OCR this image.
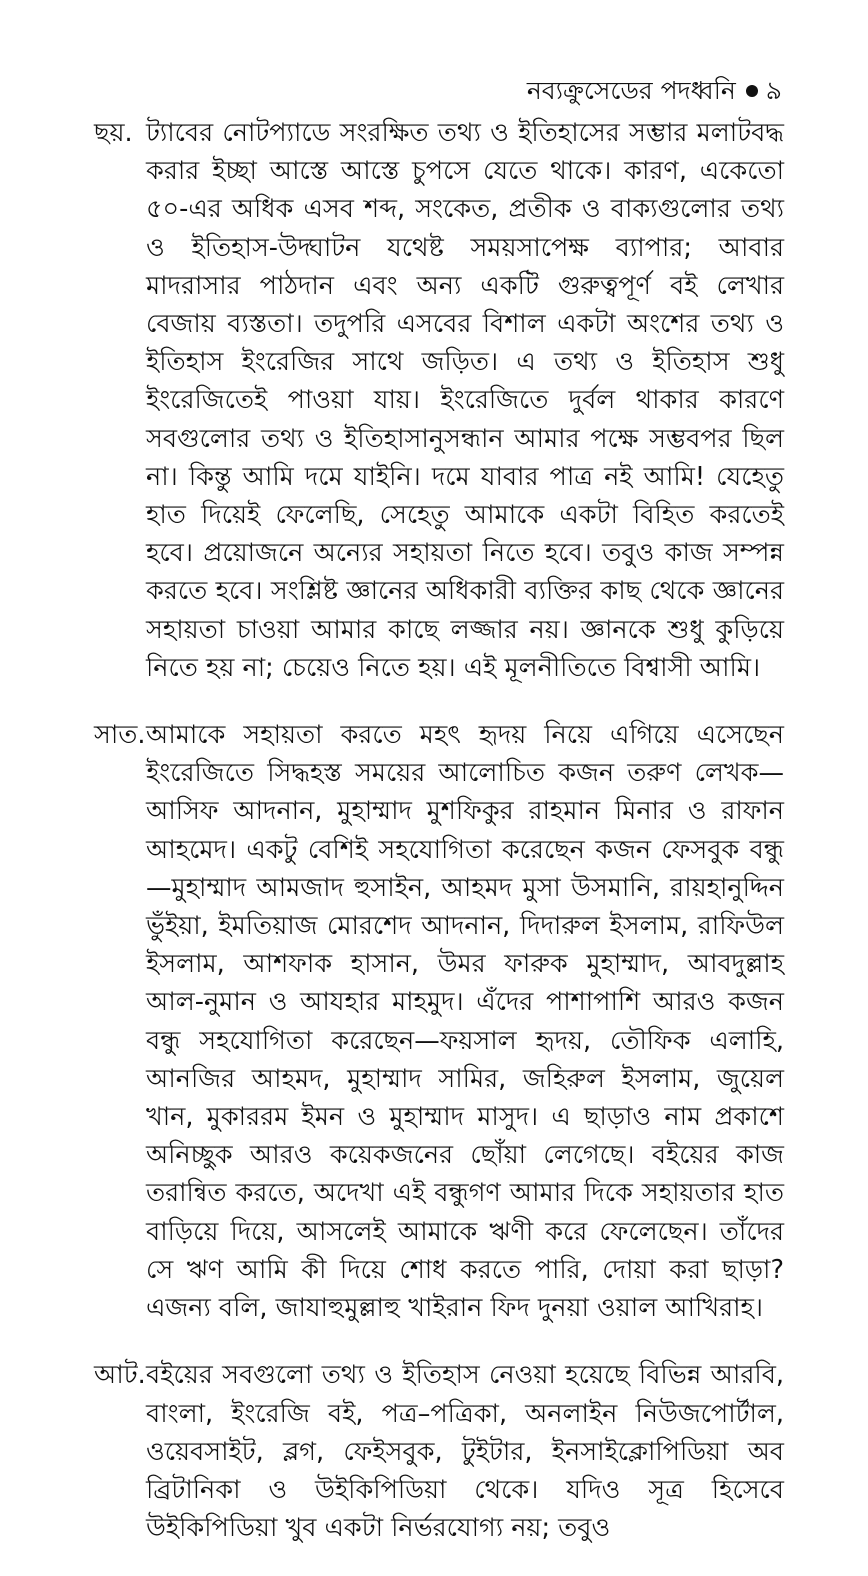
নব্যক্রুসেডের পদধ্বনি ৯
ছয়. ট্যাবের নোটপ্যাডে সংরক্ষিত তথ্য ও ইতিহাসের সম্ভার মলাটবদ্ধ করার ইচ্ছা আস্তে আস্তে চুপসে যেতে থাকে। কারণ, একেতো ৫০-এর অধিক এসব শব্দ, সংকেত, প্রতীক ও বাক্যগুলোর তথ্য ও ইতিহাস-উদ্ঘাটন যথেষ্ট সময়সাপেক্ষ ব্যাপার; আবার মাদরাসার পাঠদান এবং অন্য একটি গুরুত্বপূর্ণ বই লেখার বেজায় ব্যস্ততা। তদুপরি এসবের বিশাল একটা অংশের তথ্য ও ইতিহাস ইংরেজির সাথে জড়িত। এ তথ্য ও ইতিহাস শুধু ইংরেজিতেই পাওয়া যায়। ইংরেজিতে দুর্বল থাকার কারণে সবগুলোর তথ্য ও ইতিহাসানুসন্ধান আমার পক্ষে সম্ভবপর ছিল না। কিন্তু আমি দমে যাইনি। দমে যাবার পাত্র নই আমি! যেহেতু হাত দিয়েই ফেলেছি, সেহেতু আমাকে একটা বিহিত করতেই হবে। প্রয়োজনে অন্যের সহায়তা নিতে হবে। তবুও কাজ সম্পন্ন করতে হবে। সংশ্লিষ্ট জ্ঞানের অধিকারী ব্যক্তির কাছ থেকে জ্ঞানের সহায়তা চাওয়া আমার কাছে লজ্জার নয়। জ্ঞানকে শুধু কুড়িয়ে নিতে হয় না; চেয়েও নিতে হয়। এই মূলনীতিতে বিশ্বাসী আমি।
সাত. আমাকে সহায়তা করতে মহৎ হৃদয় নিয়ে এগিয়ে এসেছেন ইংরেজিতে সিদ্ধহস্ত সময়ের আলোচিত কজন তরুণ লেখক—আসিফ আদনান, মুহাম্মাদ মুশফিকুর রাহমান মিনার ও রাফান আহমেদ। একটু বেশিই সহযোগিতা করেছেন কজন ফেসবুক বন্ধু—মুহাম্মাদ আমজাদ হুসাইন, আহমদ মুসা উসমানি, রায়হানুদ্দিন ভুঁইয়া, ইমতিয়াজ মোরশেদ আদনান, দিদারুল ইসলাম, রাফিউল ইসলাম, আশফাক হাসান, উমর ফারুক মুহাম্মাদ, আবদুল্লাহ আল-নুমান ও আযহার মাহমুদ। এঁদের পাশাপাশি আরও কজন বন্ধু সহযোগিতা করেছেন—ফয়সাল হৃদয়, তৌফিক এলাহি, আনজির আহমদ, মুহাম্মাদ সামির, জহিরুল ইসলাম, জুয়েল খান, মুকাররম ইমন ও মুহাম্মাদ মাসুদ। এ ছাড়াও নাম প্রকাশে অনিচ্ছুক আরও কয়েকজনের ছোঁয়া লেগেছে। বইয়ের কাজ তরান্বিত করতে, অদেখা এই বন্ধুগণ আমার দিকে সহায়তার হাত বাড়িয়ে দিয়ে, আসলেই আমাকে ঋণী করে ফেলেছেন। তাঁদের সে ঋণ আমি কী দিয়ে শোধ করতে পারি, দোয়া করা ছাড়া? এজন্য বলি, জাযাহুমুল্লাহু খাইরান ফিদ দুনয়া ওয়াল আখিরাহ।
আট. বইয়ের সবগুলো তথ্য ও ইতিহাস নেওয়া হয়েছে বিভিন্ন আরবি, বাংলা, ইংরেজি বই, পত্র–পত্রিকা, অনলাইন নিউজপোর্টাল, ওয়েবসাইট, ব্লগ, ফেইসবুক, টুইটার, ইনসাইক্লোপিডিয়া অব ব্রিটানিকা ও উইকিপিডিয়া থেকে। যদিও সূত্র হিসেবে উইকিপিডিয়া খুব একটা নির্ভরযোগ্য নয়; তবুও
